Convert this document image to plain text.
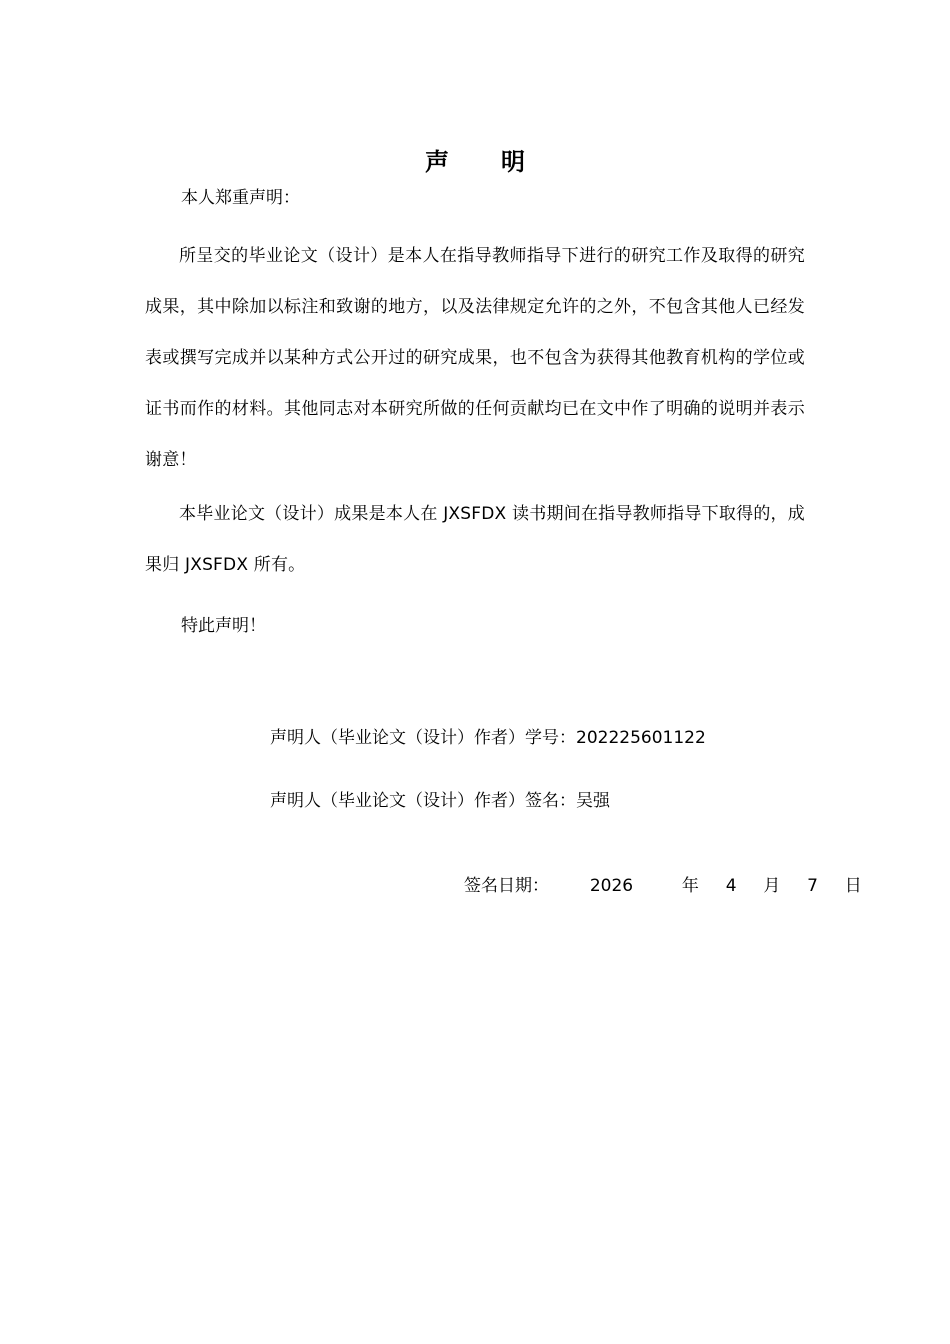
声 明
本人郑重声明：
所呈交的毕业论文（设计）是本人在指导教师指导下进行的研究工作及取得的研究成果，其中除加以标注和致谢的地方，以及法律规定允许的之外，不包含其他人已经发表或撰写完成并以某种方式公开过的研究成果，也不包含为获得其他教育机构的学位或证书而作的材料。其他同志对本研究所做的任何贡献均已在文中作了明确的说明并表示谢意！
本毕业论文（设计）成果是本人在 JXSFDX 读书期间在指导教师指导下取得的，成果归 JXSFDX 所有。
特此声明！
声明人（毕业论文（设计）作者）学号：202225601122
声明人（毕业论文（设计）作者）签名：吴强
签名日期： 2026	年 4 月 7 日
